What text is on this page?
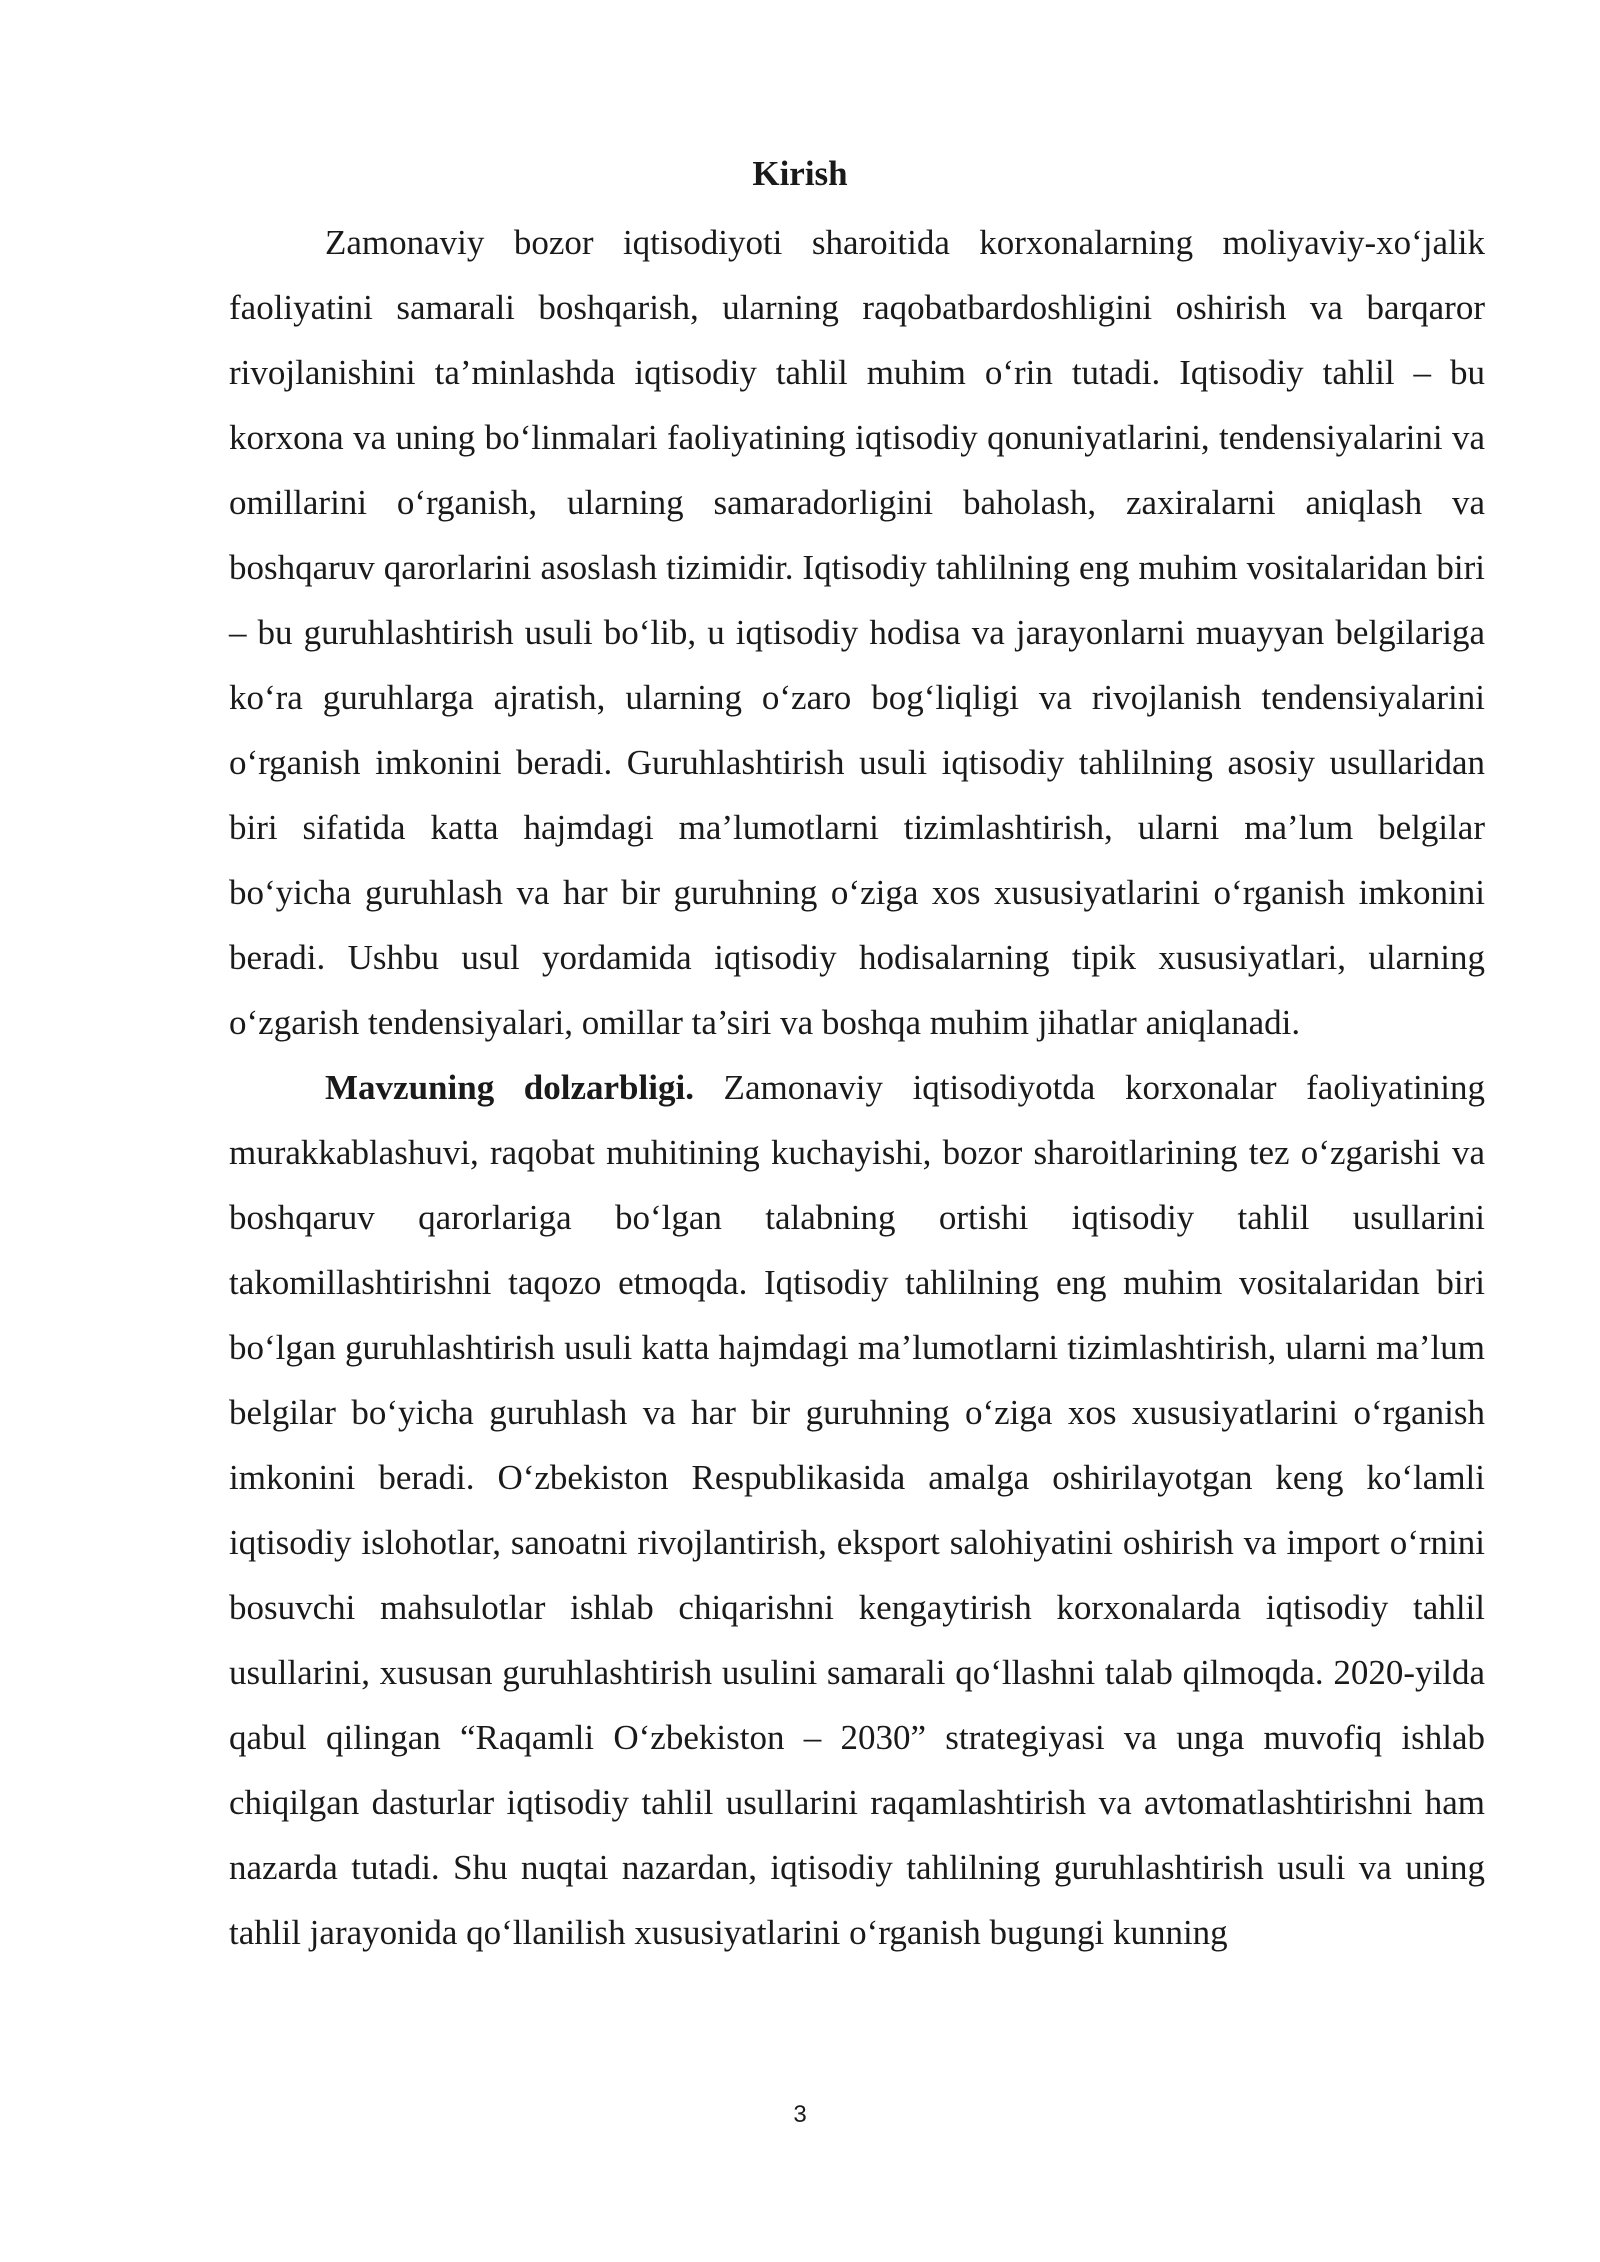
Kirish

Zamonaviy bozor iqtisodiyoti sharoitida korxonalarning moliyaviy-xo‘jalik faoliyatini samarali boshqarish, ularning raqobatbardoshligini oshirish va barqaror rivojlanishini ta’minlashda iqtisodiy tahlil muhim o‘rin tutadi. Iqtisodiy tahlil – bu korxona va uning bo‘linmalari faoliyatining iqtisodiy qonuniyatlarini, tendensiyalarini va omillarini o‘rganish, ularning samaradorligini baholash, zaxiralarni aniqlash va boshqaruv qarorlarini asoslash tizimidir. Iqtisodiy tahlilning eng muhim vositalaridan biri – bu guruhlashtirish usuli bo‘lib, u iqtisodiy hodisa va jarayonlarni muayyan belgilariga ko‘ra guruhlarga ajratish, ularning o‘zaro bog‘liqligi va rivojlanish tendensiyalarini o‘rganish imkonini beradi. Guruhlashtirish usuli iqtisodiy tahlilning asosiy usullaridan biri sifatida katta hajmdagi ma’lumotlarni tizimlashtirish, ularni ma’lum belgilar bo‘yicha guruhlash va har bir guruhning o‘ziga xos xususiyatlarini o‘rganish imkonini beradi. Ushbu usul yordamida iqtisodiy hodisalarning tipik xususiyatlari, ularning o‘zgarish tendensiyalari, omillar ta’siri va boshqa muhim jihatlar aniqlanadi.

Mavzuning dolzarbligi. Zamonaviy iqtisodiyotda korxonalar faoliyatining murakkablashuvi, raqobat muhitining kuchayishi, bozor sharoitlarining tez o‘zgarishi va boshqaruv qarorlariga bo‘lgan talabning ortishi iqtisodiy tahlil usullarini takomillashtirishni taqozo etmoqda. Iqtisodiy tahlilning eng muhim vositalaridan biri bo‘lgan guruhlashtirish usuli katta hajmdagi ma’lumotlarni tizimlashtirish, ularni ma’lum belgilar bo‘yicha guruhlash va har bir guruhning o‘ziga xos xususiyatlarini o‘rganish imkonini beradi. O‘zbekiston Respublikasida amalga oshirilayotgan keng ko‘lamli iqtisodiy islohotlar, sanoatni rivojlantirish, eksport salohiyatini oshirish va import o‘rnini bosuvchi mahsulotlar ishlab chiqarishni kengaytirish korxonalarda iqtisodiy tahlil usullarini, xususan guruhlashtirish usulini samarali qo‘llashni talab qilmoqda. 2020-yilda qabul qilingan “Raqamli O‘zbekiston – 2030” strategiyasi va unga muvofiq ishlab chiqilgan dasturlar iqtisodiy tahlil usullarini raqamlashtirish va avtomatlashtirishni ham nazarda tutadi. Shu nuqtai nazardan, iqtisodiy tahlilning guruhlashtirish usuli va uning tahlil jarayonida qo‘llanilish xususiyatlarini o‘rganish bugungi kunning

3
